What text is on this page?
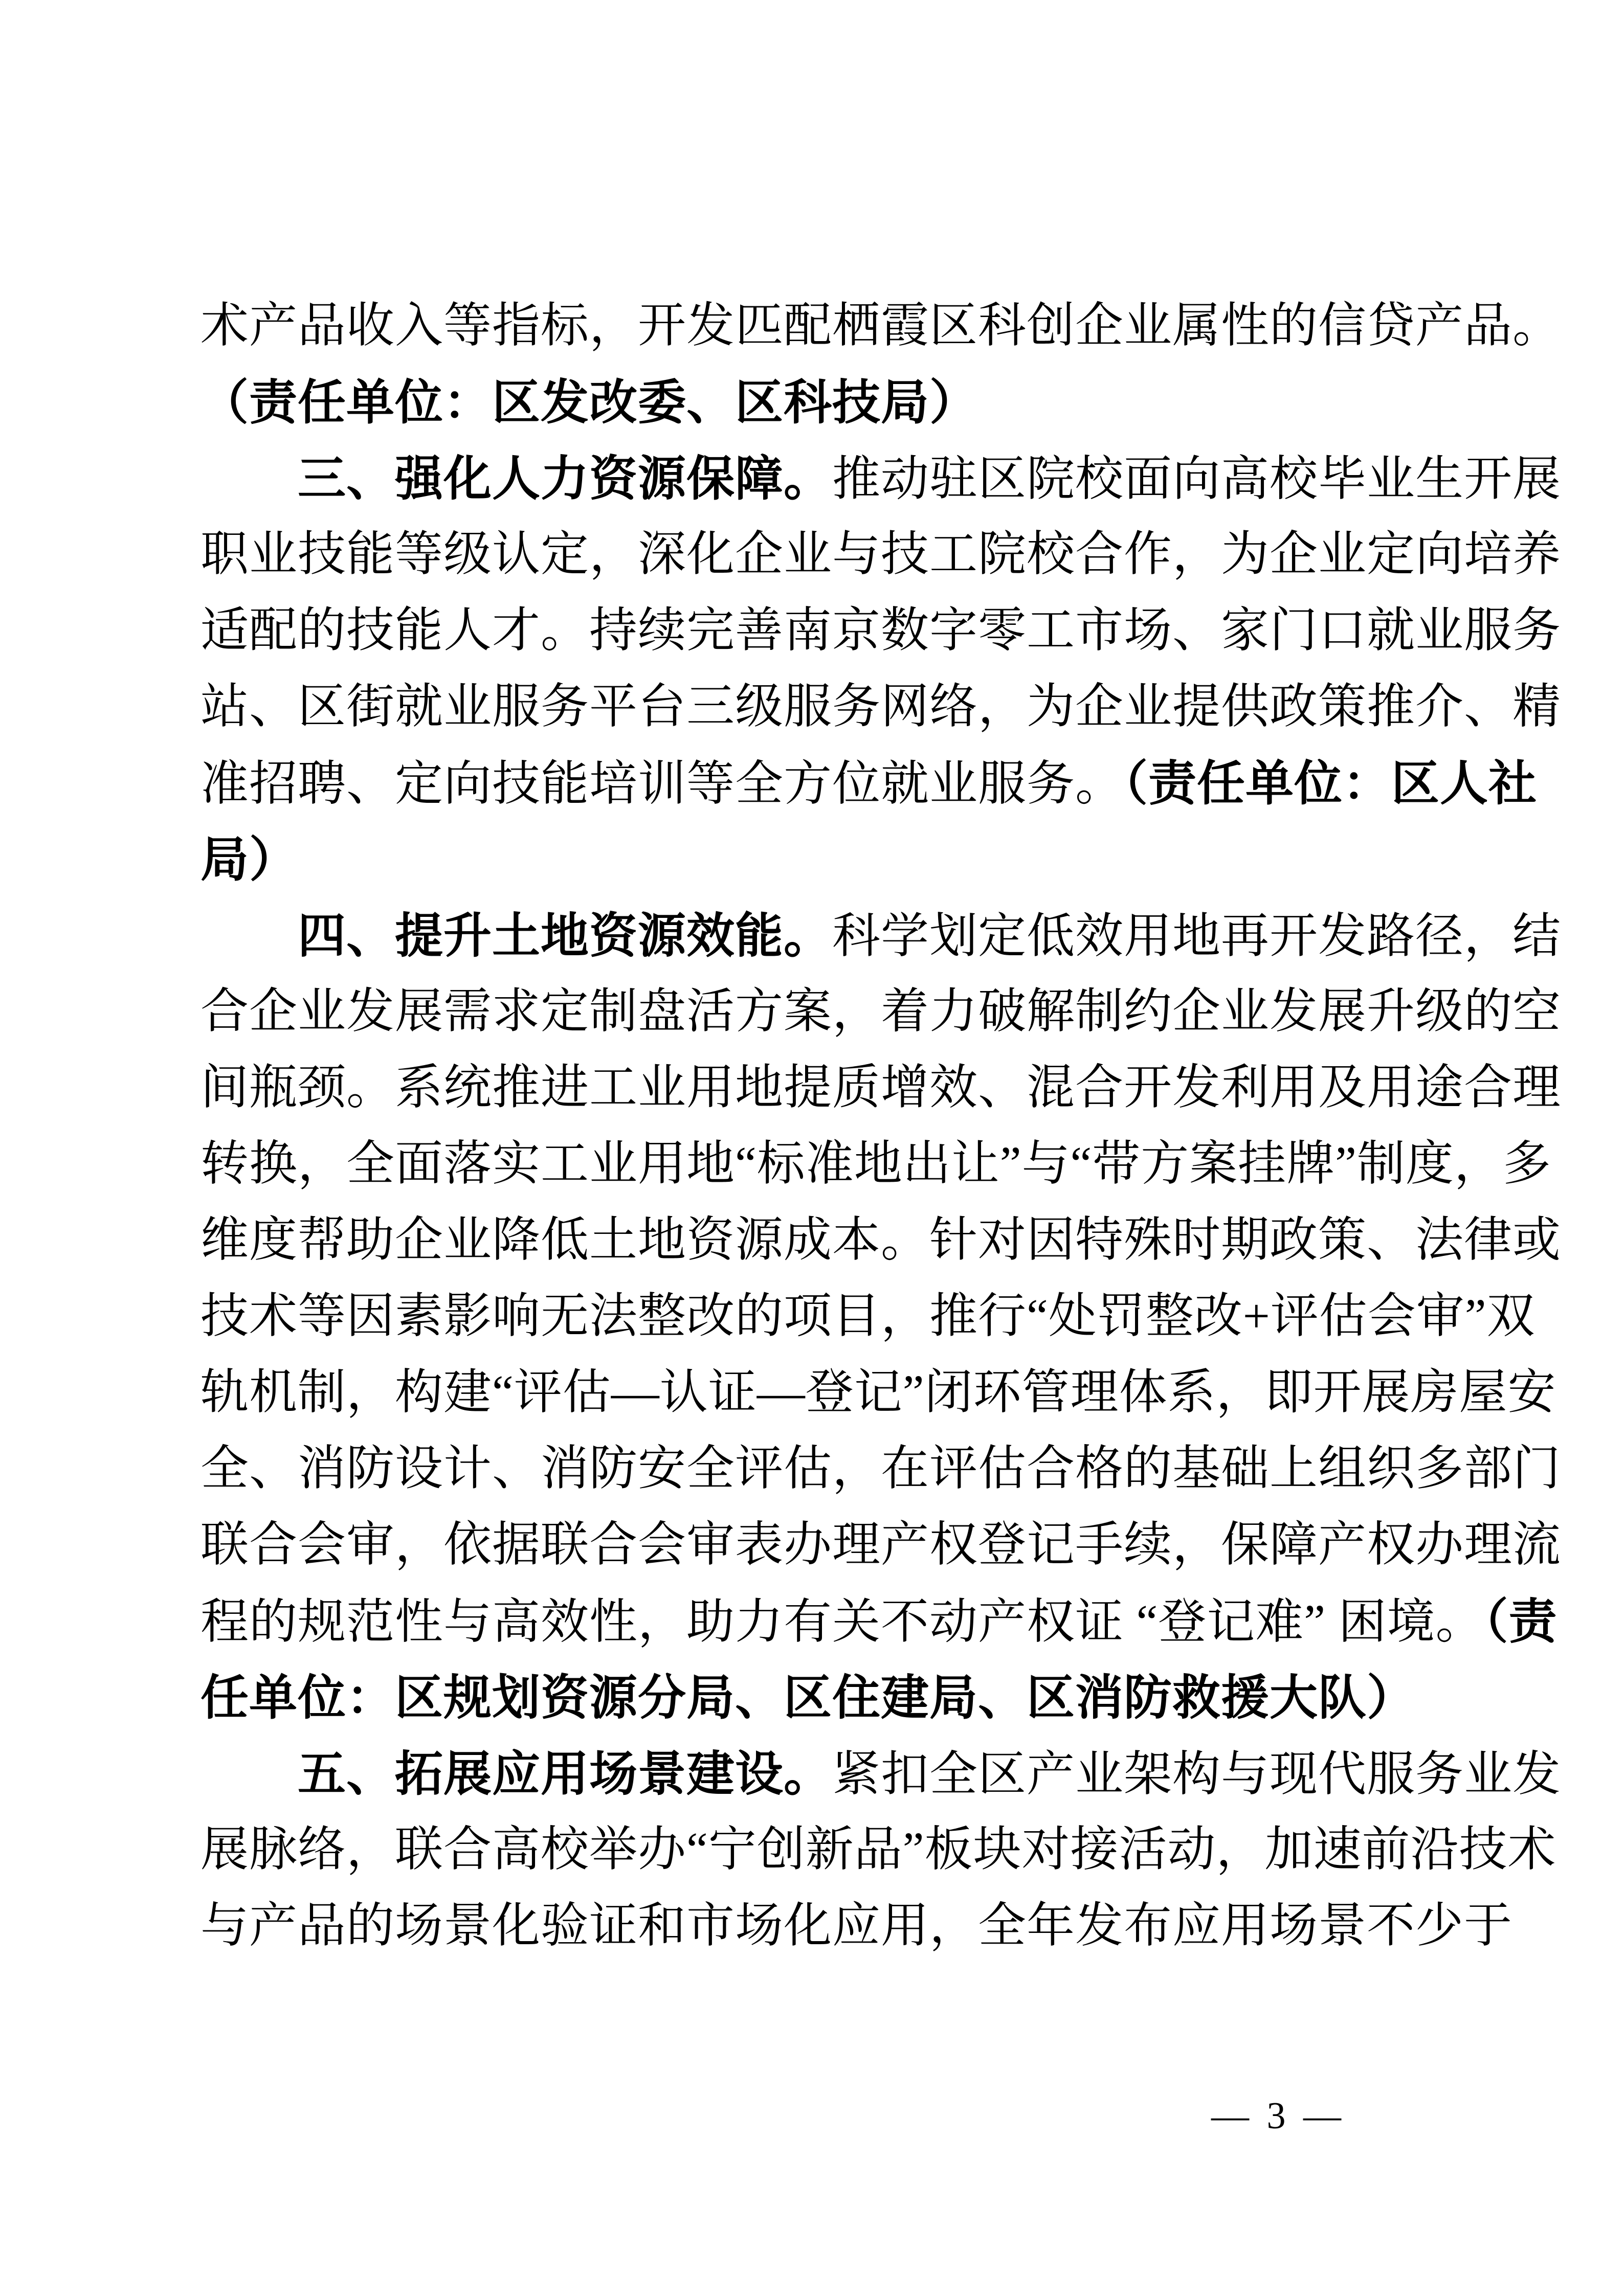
术产品收入等指标，开发匹配栖霞区科创企业属性的信贷产品。
（责任单位：区发改委、区科技局）
三、强化人力资源保障。推动驻区院校面向高校毕业生开展
职业技能等级认定，深化企业与技工院校合作，为企业定向培养
适配的技能人才。持续完善南京数字零工市场、家门口就业服务
站、区街就业服务平台三级服务网络，为企业提供政策推介、精
准招聘、定向技能培训等全方位就业服务。（责任单位：区人社
局）
四、提升土地资源效能。科学划定低效用地再开发路径，结
合企业发展需求定制盘活方案，着力破解制约企业发展升级的空
间瓶颈。系统推进工业用地提质增效、混合开发利用及用途合理
转换，全面落实工业用地“标准地出让”与“带方案挂牌”制度，多
维度帮助企业降低土地资源成本。针对因特殊时期政策、法律或
技术等因素影响无法整改的项目，推行“处罚整改+评估会审”双
轨机制，构建“评估—认证—登记”闭环管理体系，即开展房屋安
全、消防设计、消防安全评估，在评估合格的基础上组织多部门
联合会审，依据联合会审表办理产权登记手续，保障产权办理流
程的规范性与高效性，助力有关不动产权证 “登记难” 困境。（责
任单位：区规划资源分局、区住建局、区消防救援大队）
五、拓展应用场景建设。紧扣全区产业架构与现代服务业发
展脉络，联合高校举办“宁创新品”板块对接活动，加速前沿技术
与产品的场景化验证和市场化应用，全年发布应用场景不少于
— 3 —
